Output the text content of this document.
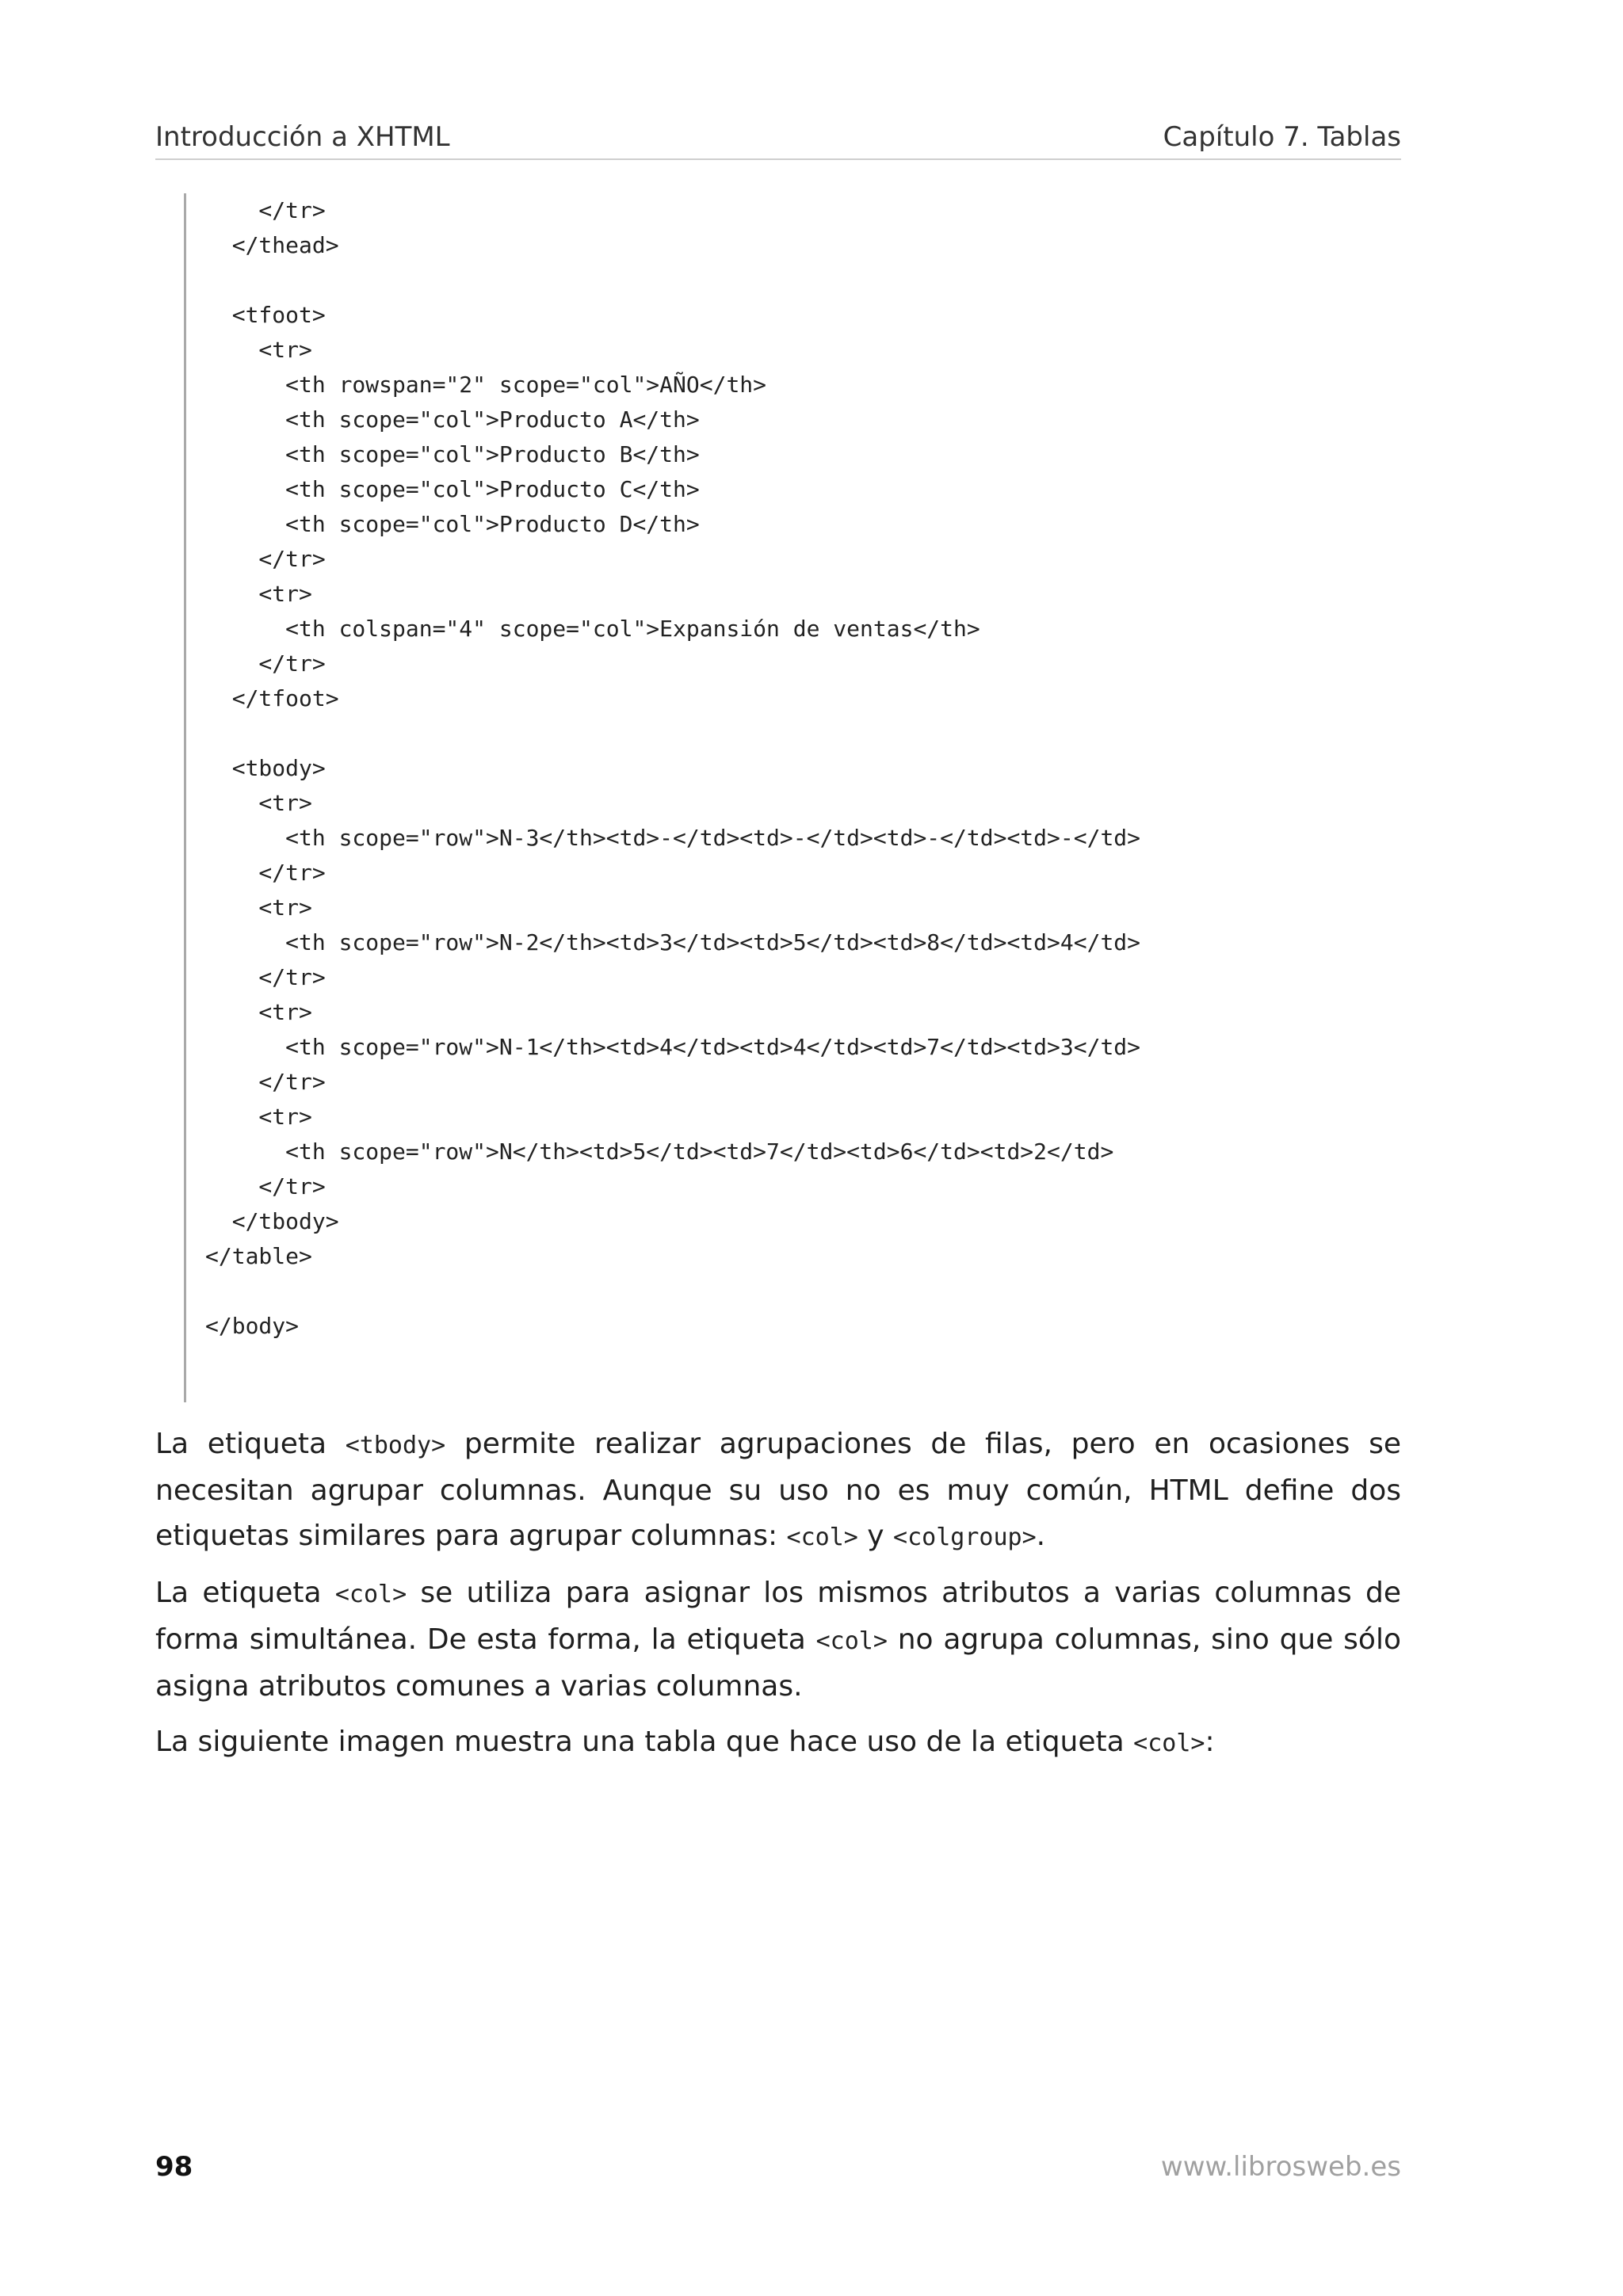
Introducción a XHTML	Capítulo 7. Tablas
</tr>
</thead>
<tfoot>
<tr>
<th rowspan="2" scope="col">AÑO</th>
<th scope="col">Producto A</th>
<th scope="col">Producto B</th>
<th scope="col">Producto C</th>
<th scope="col">Producto D</th>
</tr>
<tr>
<th colspan="4" scope="col">Expansión de ventas</th>
</tr>
</tfoot>
<tbody>
<tr>
<th scope="row">N-3</th><td>-</td><td>-</td><td>-</td><td>-</td>
</tr>
<tr>
<th scope="row">N-2</th><td>3</td><td>5</td><td>8</td><td>4</td>
</tr>
<tr>
<th scope="row">N-1</th><td>4</td><td>4</td><td>7</td><td>3</td>
</tr>
<tr>
<th scope="row">N</th><td>5</td><td>7</td><td>6</td><td>2</td>
</tr>
</tbody>
</table>
</body>

La etiqueta <tbody> permite realizar agrupaciones de filas, pero en ocasiones se necesitan agrupar columnas. Aunque su uso no es muy común, HTML define dos etiquetas similares para agrupar columnas: <col> y <colgroup>.

La etiqueta <col> se utiliza para asignar los mismos atributos a varias columnas de forma simultánea. De esta forma, la etiqueta <col> no agrupa columnas, sino que sólo asigna atributos comunes a varias columnas.

La siguiente imagen muestra una tabla que hace uso de la etiqueta <col>:

98	www.librosweb.es
